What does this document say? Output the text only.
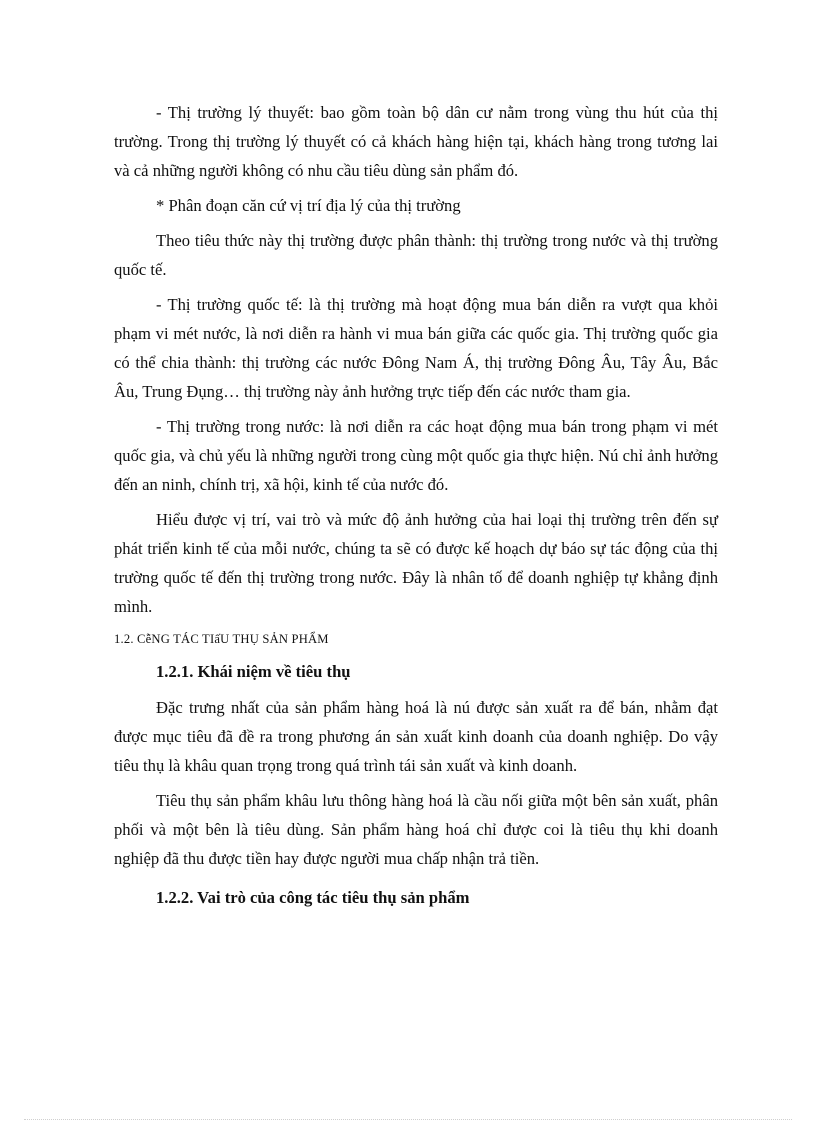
- Thị trường lý thuyết: bao gồm toàn bộ dân cư nằm trong vùng thu hút của thị trường. Trong thị trường lý thuyết có cả khách hàng hiện tại, khách hàng trong tương lai và cả những người không có nhu cầu tiêu dùng sản phẩm đó.

* Phân đoạn căn cứ vị trí địa lý của thị trường

Theo tiêu thức này thị trường được phân thành: thị trường trong nước và thị trường quốc tế.

- Thị trường quốc tế: là thị trường mà hoạt động mua bán diễn ra vượt qua khỏi phạm vi mét nước, là nơi diễn ra hành vi mua bán giữa các quốc gia. Thị trường quốc gia có thể chia thành: thị trường các nước Đông Nam Á, thị trường Đông Âu, Tây Âu, Bắc Âu, Trung Đụng… thị trường này ảnh hưởng trực tiếp đến các nước tham gia.

- Thị trường trong nước: là nơi diễn ra các hoạt động mua bán trong phạm vi mét quốc gia, và chủ yếu là những người trong cùng một quốc gia thực hiện. Nú chỉ ảnh hưởng đến an ninh, chính trị, xã hội, kinh tế của nước đó.

Hiểu được vị trí, vai trò và mức độ ảnh hưởng của hai loại thị trường trên đến sự phát triển kinh tế của mỗi nước, chúng ta sẽ có được kế hoạch dự báo sự tác động của thị trường quốc tế đến thị trường trong nước. Đây là nhân tố để doanh nghiệp tự khẳng định mình.

1.2. CễNG TÁC TIấU THỤ SẢN PHẨM
1.2.1. Khái niệm về tiêu thụ

Đặc trưng nhất của sản phẩm hàng hoá là nú được sản xuất ra để bán, nhằm đạt được mục tiêu đã đề ra trong phương án sản xuất kinh doanh của doanh nghiệp. Do vậy tiêu thụ là khâu quan trọng trong quá trình tái sản xuất và kinh doanh.

Tiêu thụ sản phẩm khâu lưu thông hàng hoá là cầu nối giữa một bên sản xuất, phân phối và một bên là tiêu dùng. Sản phẩm hàng hoá chỉ được coi là tiêu thụ khi doanh nghiệp đã thu được tiền hay được người mua chấp nhận trả tiền.

1.2.2. Vai trò của công tác tiêu thụ sản phẩm
